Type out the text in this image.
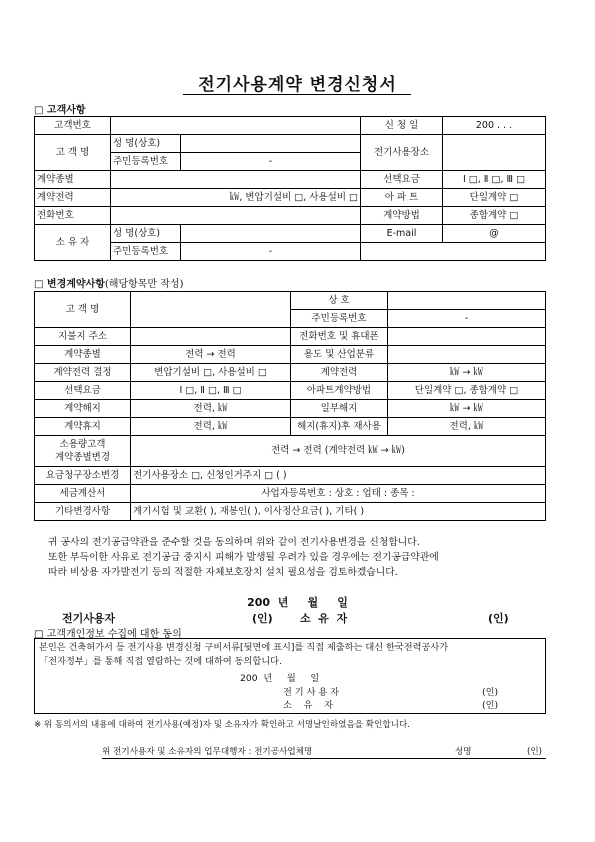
전기사용계약 변경신청서
□ 고객사항
고객번호			신 청 일	200 . . .
고 객 명	성 명(상호)		전기사용장소	
	주민등록번호	-		
계약종별			선택요금	Ⅰ □, Ⅱ □, Ⅲ □
계약전력	㎾, 변압기설비 □, 사용설비 □		아 파 트	단일계약 □
전화번호			계약방법	종합계약 □
소 유 자	성 명(상호)		E-mail	@
	주민등록번호	-		
□ 변경계약사항(해당항목만 작성)
고 객 명		상 호	
		주민등록번호	-
지불지 주소		전화번호 및 휴대폰	
계약종별	전력 → 전력	용도 및 산업분류	
계약전력 결정	변압기설비 □, 사용설비 □	계약전력	㎾ → ㎾
선택요금	Ⅰ □, Ⅱ □, Ⅲ □	아파트계약방법	단일계약 □, 종합계약 □
계약해지	전력, ㎾	일부해지	㎾ → ㎾
계약휴지	전력, ㎾	해지(휴지)후 재사용	전력, ㎾
소용량고객
계약종별변경	전력 → 전력 (계약전력 ㎾ → ㎾)		
요금청구장소변경	전기사용장소 □, 신청인거주지 □ ( )		
세금계산서	사업자등록번호 : 상호 : 업태 : 종목 :		
기타변경사항	계기시험 및 교환( ), 재봉인( ), 이사정산요금( ), 기타( )		
귀 공사의 전기공급약관을 준수할 것을 동의하며 위와 같이 전기사용변경을 신청합니다.
또한 부득이한 사유로 전기공급 중지시 피해가 발생될 우려가 있을 경우에는 전기공급약관에
따라 비상용 자가발전기 등의 적절한 자체보호장치 설치 필요성을 검토하겠습니다.
200  년     월     일
전기사용자	(인) 소  유  자	(인)
□ 고객개인정보 수집에 대한 동의
본인은 건축허가서 등 전기사용 변경신청 구비서류[뒷면에 표시]를 직접 제출하는 대신 한국전력공사가
「전자정부」를 통해 직접 열람하는 것에 대하여 동의합니다.
200  년     월     일
전 기 사 용 자	(인)
소    유    자	(인)
※ 위 동의서의 내용에 대하여 전기사용(예정)자 및 소유자가 확인하고 서명날인하였음을 확인합니다.
위 전기사용자 및 소유자의 업무대행자 : 전기공사업체명	성명	(인)
